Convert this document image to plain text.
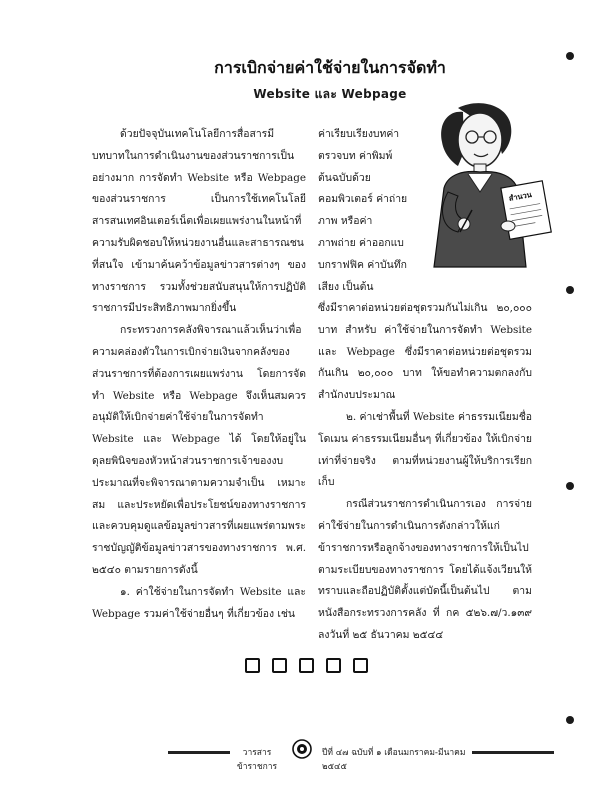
การเบิกจ่ายค่าใช้จ่ายในการจัดทำ
Website และ Webpage

ด้วยปัจจุบันเทคโนโลยีการสื่อสารมีบทบาทในการดำเนินงานของส่วนราชการเป็นอย่างมาก การจัดทำ Website หรือ Webpage ของส่วนราชการ เป็นการใช้เทคโนโลยีสารสนเทศอินเตอร์เน็ตเพื่อเผยแพร่งานในหน้าที่ความรับผิดชอบให้หน่วยงานอื่นและสาธารณชนที่สนใจ เข้ามาค้นคว้าข้อมูลข่าวสารต่างๆ ของทางราชการ รวมทั้งช่วยสนับสนุนให้การปฏิบัติราชการมีประสิทธิภาพมากยิ่งขึ้น

กระทรวงการคลังพิจารณาแล้วเห็นว่าเพื่อความคล่องตัวในการเบิกจ่ายเงินจากคลังของส่วนราชการที่ต้องการเผยแพร่งาน โดยการจัดทำ Website หรือ Webpage จึงเห็นสมควรอนุมัติให้เบิกจ่ายค่าใช้จ่ายในการจัดทำ Website และ Webpage ได้ โดยให้อยู่ในดุลยพินิจของหัวหน้าส่วนราชการเจ้าของงบประมาณที่จะพิจารณาตามความจำเป็น เหมาะสม และประหยัดเพื่อประโยชน์ของทางราชการ และควบคุมดูแลข้อมูลข่าวสารที่เผยแพร่ตามพระราชบัญญัติข้อมูลข่าวสารของทางราชการ พ.ศ. ๒๕๔๐ ตามรายการดังนี้

๑. ค่าใช้จ่ายในการจัดทำ Website และ Webpage รวมค่าใช้จ่ายอื่นๆ ที่เกี่ยวข้อง เช่น

ค่าเรียบเรียงบทค่าตรวจบท ค่าพิมพ์ต้นฉบับด้วยคอมพิวเตอร์ ค่าถ่ายภาพ หรือค่าภาพถ่าย ค่าออกแบบกราฟฟิค ค่าบันทึกเสียง เป็นต้น

สำนวน

ซึ่งมีราคาต่อหน่วยต่อชุดรวมกันไม่เกิน ๒๐,๐๐๐ บาท สำหรับ ค่าใช้จ่ายในการจัดทำ Website และ Webpage ซึ่งมีราคาต่อหน่วยต่อชุดรวมกันเกิน ๒๐,๐๐๐ บาท ให้ขอทำความตกลงกับสำนักงบประมาณ

๒. ค่าเช่าพื้นที่ Website ค่าธรรมเนียมชื่อโดเมน ค่าธรรมเนียมอื่นๆ ที่เกี่ยวข้อง ให้เบิกจ่ายเท่าที่จ่ายจริง ตามที่หน่วยงานผู้ให้บริการเรียกเก็บ

กรณีส่วนราชการดำเนินการเอง การจ่ายค่าใช้จ่ายในการดำเนินการดังกล่าวให้แก่ข้าราชการหรือลูกจ้างของทางราชการให้เป็นไปตามระเบียบของทางราชการ โดยได้แจ้งเวียนให้ทราบและถือปฏิบัติตั้งแต่บัดนี้เป็นต้นไป ตามหนังสือกระทรวงการคลัง ที่ กค ๕๒๖.๗/ว.๑๓๙ ลงวันที่ ๒๕ ธันวาคม ๒๕๔๔

วารสารข้าราชการ
ปีที่ ๔๗ ฉบับที่ ๑ เดือนมกราคม-มีนาคม ๒๕๔๕
